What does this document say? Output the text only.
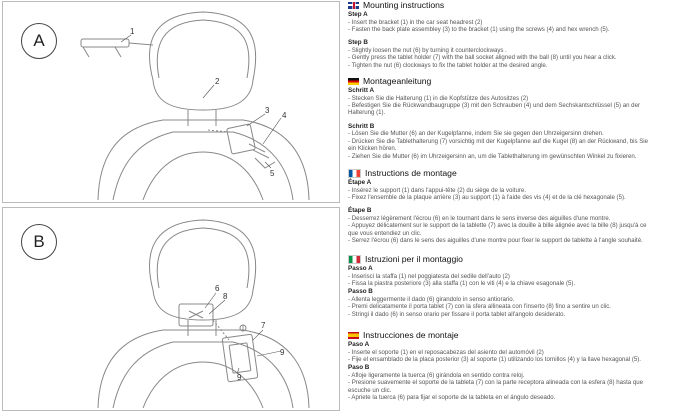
A	1
2
3
4
5
B
6
7
8
9
9
Mounting instructions
Step A
- Insert the bracket (1) in the car seat headrest (2)
- Fasten the back plate assembley (3) to the bracket (1) using the screws (4) and hex wrench (5).
Step B
- Slightly loosen the nut (6) by turning it counterclockways .
- Gently press the tablet holder (7) with the ball socket aligned with the ball (8) until you hear a click.
- Tighten the nut (6) clockways to fix the tablet holder at the desired angle.
Montageanleitung
Schritt A
- Stecken Sie die Halterung (1) in die Kopfstütze des Autositzes (2)
- Befestigen Sie die Rückwandbaugruppe (3) mit den Schrauben (4) und dem Sechskantschlüssel (5) an der
Halterung (1).
Schritt B
- Lösen Sie die Mutter (6) an der Kugelpfanne, indem Sie sie gegen den Uhrzeigersinn drehen.
- Drücken Sie die Tablethalterung (7) vorsichtig mit der Kugelpfanne auf die Kugel (8) an der Rückwand, bis Sie
ein Klicken hören.
- Ziehen Sie die Mutter (6) im Uhrzeigersinn an, um die Tablethalterung im gewünschten Winkel zu fixieren.
Instructions de montage
Étape A
- Insérez le support (1) dans l'appui-tête (2) du siège de la voiture.
- Fixez l'ensemble de la plaque arrière (3) au support (1) à l'aide des vis (4) et de la clé hexagonale (5).
Étape B
- Desserrez légèrement l'écrou (6) en le tournant dans le sens inverse des aiguilles d'une montre.
- Appuyez délicatement sur le support de la tablette (7) avec la douille à bille alignée avec la bille (8) jusqu'à ce
que vous entendiez un clic.
- Serrez l'écrou (6) dans le sens des aiguilles d'une montre pour fixer le support de tablette à l'angle souhaité.
Istruzioni per il montaggio
Passo A
- Inserisci la staffa (1) nel poggiatesta del sedile dell'auto (2)
- Fissa la piastra posteriore (3) alla staffa (1) con le viti (4) e la chiave esagonale (5).
Passo B
- Allenta leggermente il dado (6) girandolo in senso antiorario.
- Premi delicatamente il porta tablet (7) con la sfera allineata con l'inserto (8) fino a sentire un clic.
- Stringi il dado (6) in senso orario per fissare il porta tablet all'angolo desiderato.
Instrucciones de montaje
Paso A
- Inserte el soporte (1) en el reposacabezas del asiento del automóvil (2)
- Fije el ensamblado de la placa posterior (3) al soporte (1) utilizando los tornillos (4) y la llave hexagonal (5).
Paso B
- Afloje ligeramente la tuerca (6) girándola en sentido contra reloj.
- Presione suavemente el soporte de la tableta (7) con la parte receptora alineada con la esfera (8) hasta que
escuche un clic.
- Apriete la tuerca (6) para fijar el soporte de la tableta en el ángulo deseado.
